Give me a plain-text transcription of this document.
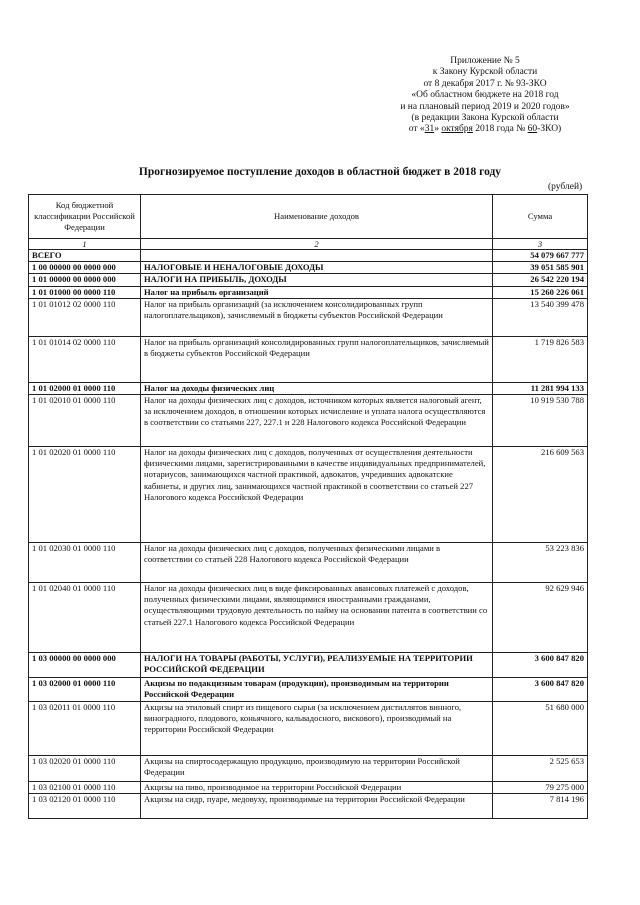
Приложение № 5
к Закону Курской области
от 8 декабря 2017 г. № 93-ЗКО
«Об областном бюджете на 2018 год
и на плановый период 2019 и 2020 годов»
(в редакции Закона Курской области
от «31» октября 2018 года № 60-ЗКО)
Прогнозируемое поступление доходов в областной бюджет в 2018 году
(рублей)
Код бюджетной классификации Российской Федерации	Наименование доходов	Сумма
1	2	3
ВСЕГО		54 079 667 777
1 00 00000 00 0000 000	НАЛОГОВЫЕ И НЕНАЛОГОВЫЕ ДОХОДЫ	39 051 585 901
1 01 00000 00 0000 000	НАЛОГИ НА ПРИБЫЛЬ, ДОХОДЫ	26 542 220 194
1 01 01000 00 0000 110	Налог на прибыль организаций	15 260 226 061
1 01 01012 02 0000 110	Налог на прибыль организаций (за исключением консолидированных групп налогоплательщиков), зачисляемый в бюджеты субъектов Российской Федерации	13 540 399 478
1 01 01014 02 0000 110	Налог на прибыль организаций консолидированных групп налогоплательщиков, зачисляемый в бюджеты субъектов Российской Федерации	1 719 826 583
1 01 02000 01 0000 110	Налог на доходы физических лиц	11 281 994 133
1 01 02010 01 0000 110	Налог на доходы физических лиц с доходов, источником которых является налоговый агент, за исключением доходов, в отношении которых исчисление и уплата налога осуществляются в соответствии со статьями 227, 227.1 и 228 Налогового кодекса Российской Федерации	10 919 530 788
1 01 02020 01 0000 110	Налог на доходы физических лиц с доходов, полученных от осуществления деятельности физическими лицами, зарегистрированными в качестве индивидуальных предпринимателей, нотариусов, занимающихся частной практикой, адвокатов, учредивших адвокатские кабинеты, и других лиц, занимающихся частной практикой в соответствии со статьей 227 Налогового кодекса Российской Федерации	216 609 563
1 01 02030 01 0000 110	Налог на доходы физических лиц с доходов, полученных физическими лицами в соответствии со статьей 228 Налогового кодекса Российской Федерации	53 223 836
1 01 02040 01 0000 110	Налог на доходы физических лиц в виде фиксированных авансовых платежей с доходов, полученных физическими лицами, являющимися иностранными гражданами, осуществляющими трудовую деятельность по найму на основании патента в соответствии со статьей 227.1 Налогового кодекса Российской Федерации	92 629 946
1 03 00000 00 0000 000	НАЛОГИ НА ТОВАРЫ (РАБОТЫ, УСЛУГИ), РЕАЛИЗУЕМЫЕ НА ТЕРРИТОРИИ РОССИЙСКОЙ ФЕДЕРАЦИИ	3 600 847 820
1 03 02000 01 0000 110	Акцизы по подакцизным товарам (продукции), производимым на территории Российской Федерации	3 600 847 820
1 03 02011 01 0000 110	Акцизы на этиловый спирт из пищевого сырья (за исключением дистиллятов винного, виноградного, плодового, коньячного, кальвадосного, вискового), производимый на территории Российской Федерации	51 680 000
1 03 02020 01 0000 110	Акцизы на спиртосодержащую продукцию, производимую на территории Российской Федерации	2 525 653
1 03 02100 01 0000 110	Акцизы на пиво, производимое на территории Российской Федерации	79 275 000
1 03 02120 01 0000 110	Акцизы на сидр, пуаре, медовуху, производимые на территории Российской Федерации	7 814 196
